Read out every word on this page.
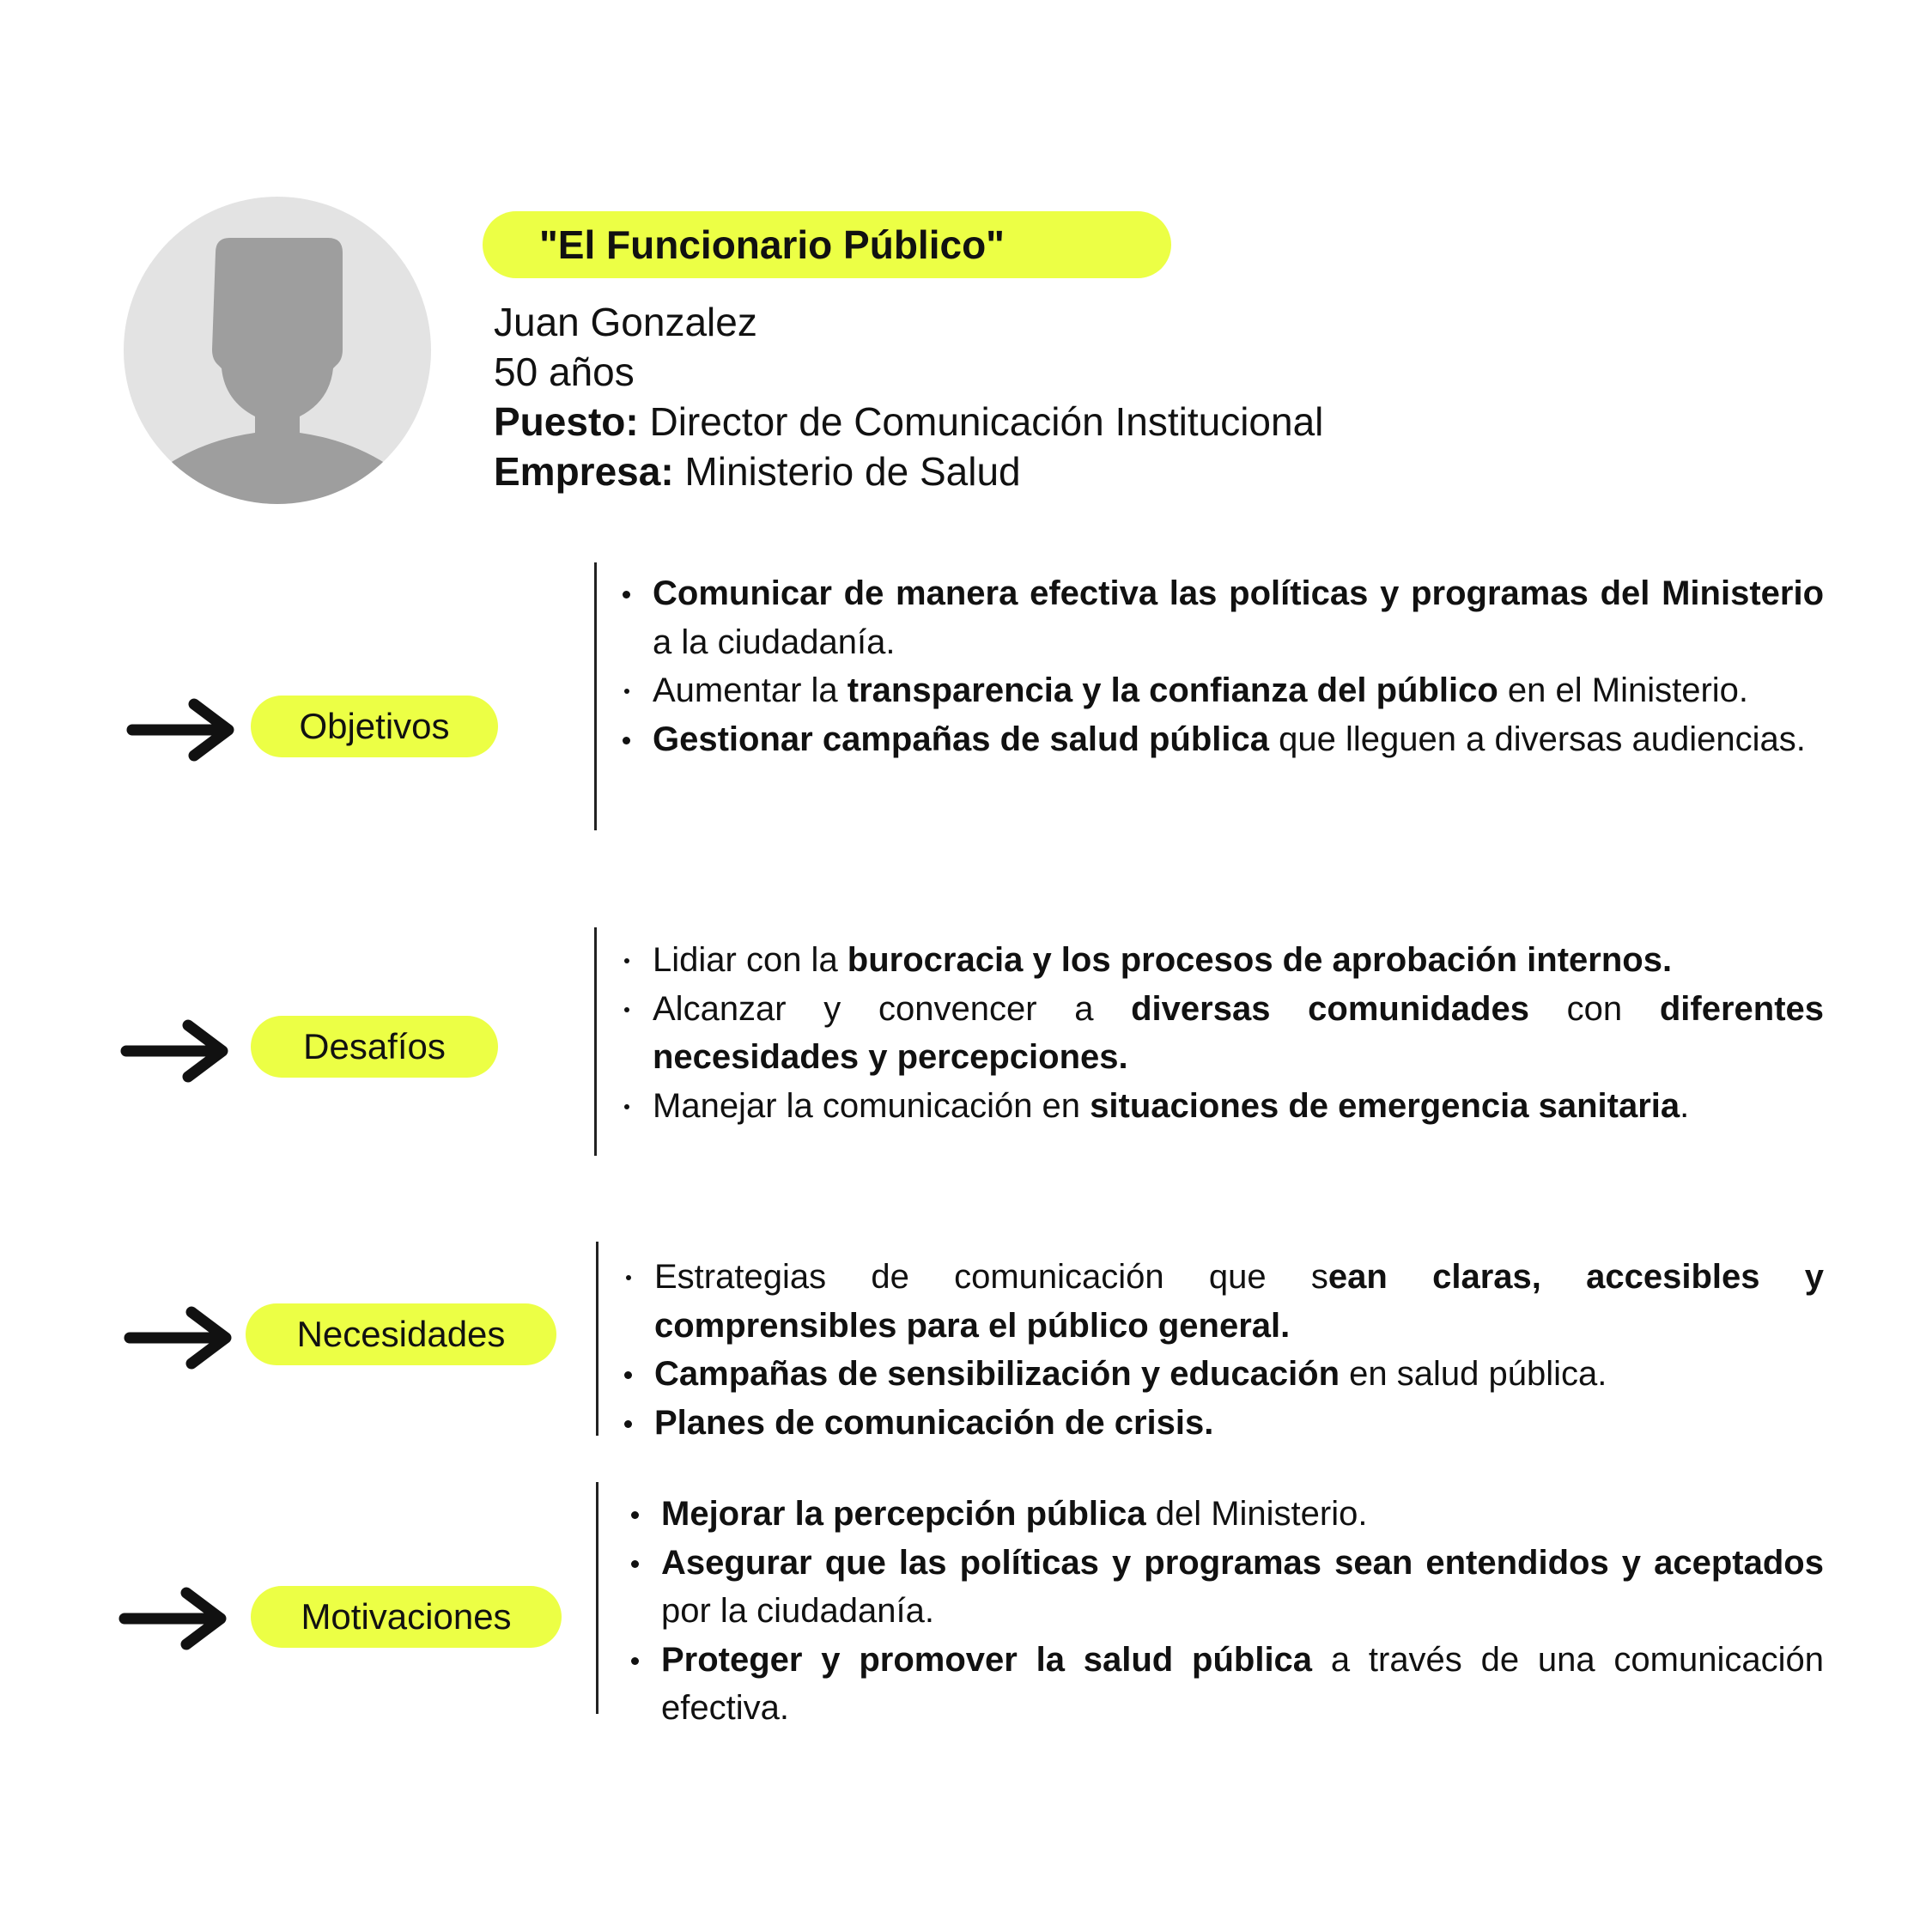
"El Funcionario Público"
Juan Gonzalez
50 años
Puesto: Director de Comunicación Institucional
Empresa: Ministerio de Salud
Objetivos
Comunicar de manera efectiva las políticas y programas del Ministerio a la ciudadanía.
Aumentar la transparencia y la confianza del público en el Ministerio.
Gestionar campañas de salud pública que lleguen a diversas audiencias.
Desafíos
Lidiar con la burocracia y los procesos de aprobación internos.
Alcanzar y convencer a diversas comunidades con diferentes necesidades y percepciones.
Manejar la comunicación en situaciones de emergencia sanitaria.
Necesidades
Estrategias de comunicación que sean claras, accesibles y comprensibles para el público general.
Campañas de sensibilización y educación en salud pública.
Planes de comunicación de crisis.
Motivaciones
Mejorar la percepción pública del Ministerio.
Asegurar que las políticas y programas sean entendidos y aceptados por la ciudadanía.
Proteger y promover la salud pública a través de una comunicación efectiva.
